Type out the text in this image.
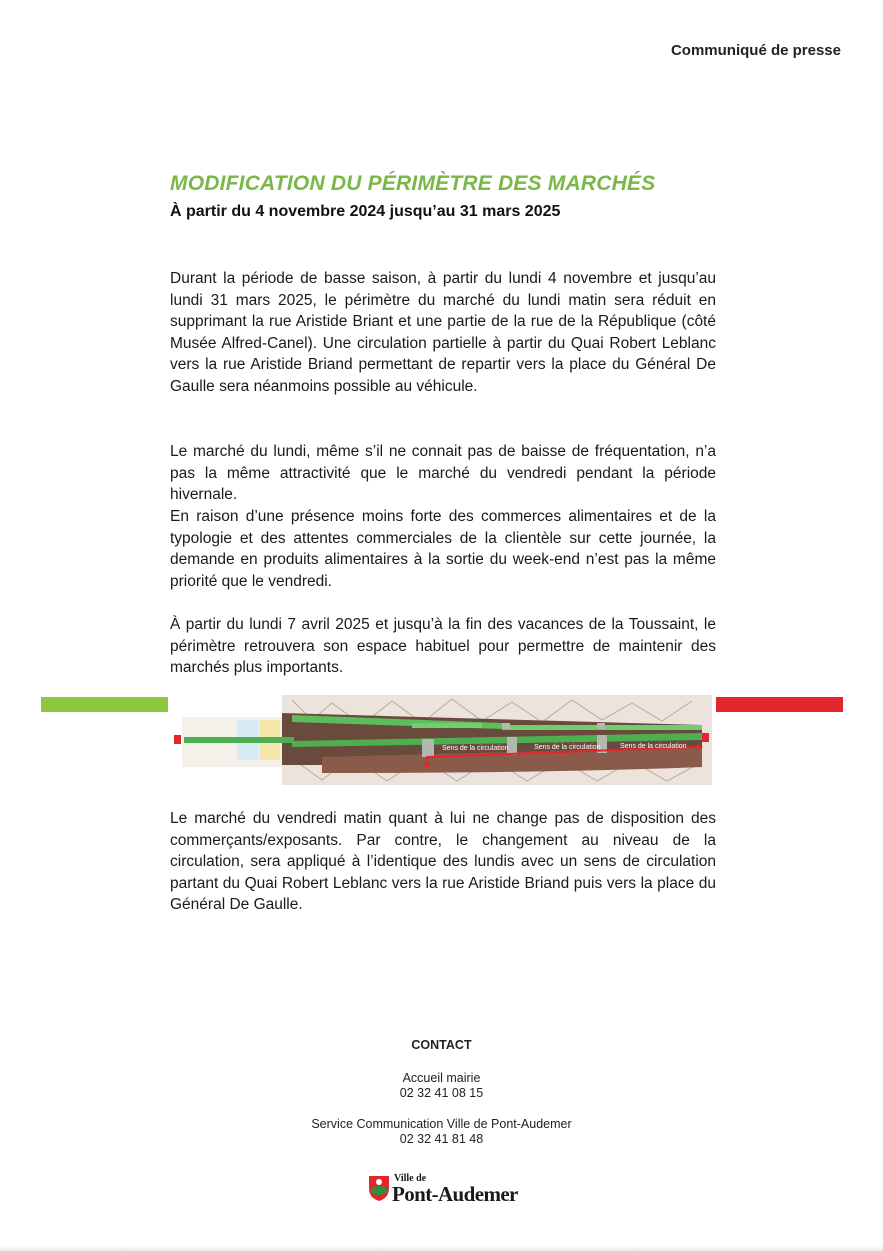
Communiqué de presse
MODIFICATION DU PÉRIMÈTRE DES MARCHÉS

À partir du 4 novembre 2024 jusqu’au 31 mars 2025

Durant la période de basse saison, à partir du lundi 4 novembre et jusqu’au lundi 31 mars 2025, le périmètre du marché du lundi matin sera réduit en supprimant la rue Aristide Briant et une partie de la rue de la République (côté Musée Alfred-Canel). Une circulation partielle à partir du Quai Robert Leblanc vers la rue Aristide Briand permettant de repartir vers la place du Général De Gaulle sera néanmoins possible au véhicule.

Le marché du lundi, même s’il ne connait pas de baisse de fréquentation, n’a pas la même attractivité que le marché du vendredi pendant la période hivernale.

En raison d’une présence moins forte des commerces alimentaires et de la typologie et des attentes commerciales de la clientèle sur cette journée, la demande en produits alimentaires à la sortie du week-end n’est pas la même priorité que le vendredi.

À partir du lundi 7 avril 2025 et jusqu’à la fin des vacances de la Toussaint, le périmètre retrouvera son espace habituel pour permettre de maintenir des marchés plus importants.

Sens de la circulation	Sens de la circulation	Sens de la circulation

Le marché du vendredi matin quant à lui ne change pas de disposition des commerçants/exposants. Par contre, le changement au niveau de la circulation, sera appliqué à l’identique des lundis avec un sens de circulation partant du Quai Robert Leblanc vers la rue Aristide Briand puis vers la place du Général De Gaulle.

CONTACT
Accueil mairie
02 32 41 08 15
Service Communication Ville de Pont-Audemer
02 32 41 81 48
Ville de
Pont-Audemer
